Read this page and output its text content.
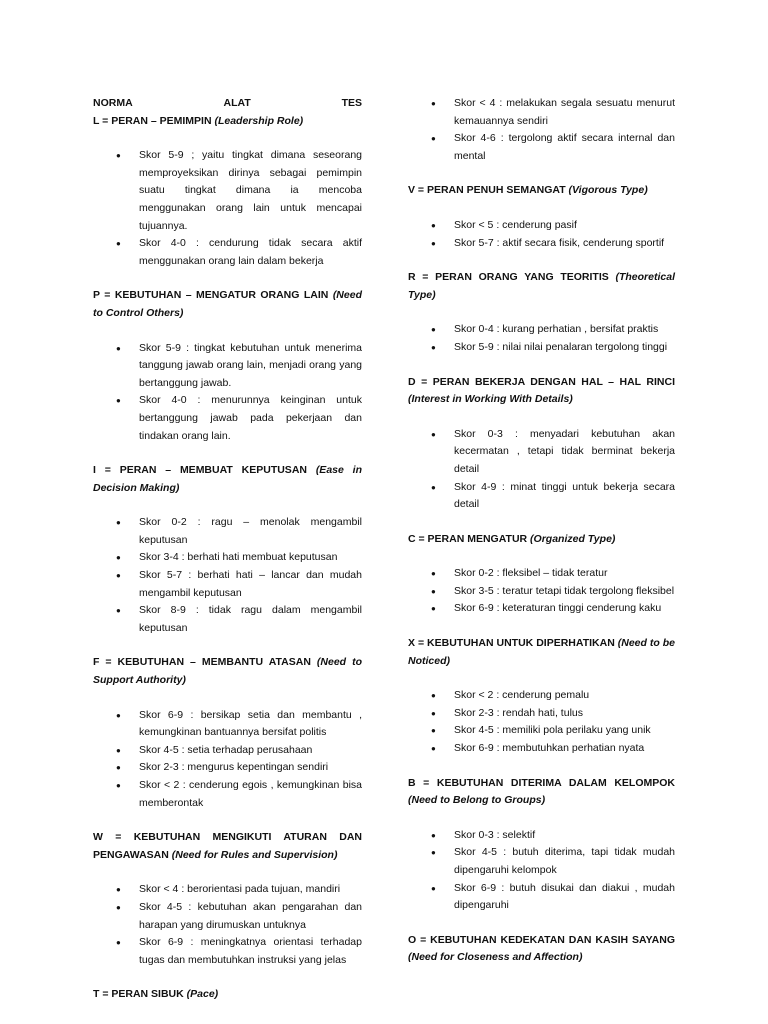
NORMA	ALAT	TES
L = PERAN – PEMIMPIN (Leadership Role)
● Skor 5-9 ; yaitu tingkat dimana seseorang memproyeksikan dirinya sebagai pemimpin suatu tingkat dimana ia mencoba menggunakan orang lain untuk mencapai tujuannya.
● Skor 4-0 : cendurung tidak secara aktif menggunakan orang lain dalam bekerja
P = KEBUTUHAN – MENGATUR ORANG LAIN (Need to Control Others)
● Skor 5-9 : tingkat kebutuhan untuk menerima tanggung jawab orang lain, menjadi orang yang bertanggung jawab.
● Skor 4-0 : menurunnya keinginan untuk bertanggung jawab pada pekerjaan dan tindakan orang lain.
I = PERAN – MEMBUAT KEPUTUSAN (Ease in Decision Making)
● Skor 0-2 : ragu – menolak mengambil keputusan
● Skor 3-4 : berhati hati membuat keputusan
● Skor 5-7 : berhati hati – lancar dan mudah mengambil keputusan
● Skor 8-9 : tidak ragu dalam mengambil keputusan
F = KEBUTUHAN – MEMBANTU ATASAN (Need to Support Authority)
● Skor 6-9 : bersikap setia dan membantu , kemungkinan bantuannya bersifat politis
● Skor 4-5 : setia terhadap perusahaan
● Skor 2-3 : mengurus kepentingan sendiri
● Skor < 2 : cenderung egois , kemungkinan bisa memberontak
W = KEBUTUHAN MENGIKUTI ATURAN DAN PENGAWASAN (Need for Rules and Supervision)
● Skor < 4 : berorientasi pada tujuan, mandiri
● Skor 4-5 : kebutuhan akan pengarahan dan harapan yang dirumuskan untuknya
● Skor 6-9 : meningkatnya orientasi terhadap tugas dan membutuhkan instruksi yang jelas
T = PERAN SIBUK (Pace)
● Skor < 4 : melakukan segala sesuatu menurut kemauannya sendiri
● Skor 4-6 : tergolong aktif secara internal dan mental
V = PERAN PENUH SEMANGAT (Vigorous Type)
● Skor < 5 : cenderung pasif
● Skor 5-7 : aktif secara fisik, cenderung sportif
R = PERAN ORANG YANG TEORITIS (Theoretical Type)
● Skor 0-4 : kurang perhatian , bersifat praktis
● Skor 5-9 : nilai nilai penalaran tergolong tinggi
D = PERAN BEKERJA DENGAN HAL – HAL RINCI (Interest in Working With Details)
● Skor 0-3 : menyadari kebutuhan akan kecermatan , tetapi tidak berminat bekerja detail
● Skor 4-9 : minat tinggi untuk bekerja secara detail
C = PERAN MENGATUR (Organized Type)
● Skor 0-2 : fleksibel – tidak teratur
● Skor 3-5 : teratur tetapi tidak tergolong fleksibel
● Skor 6-9 : keteraturan tinggi cenderung kaku
X = KEBUTUHAN UNTUK DIPERHATIKAN (Need to be Noticed)
● Skor < 2 : cenderung pemalu
● Skor 2-3 : rendah hati, tulus
● Skor 4-5 : memiliki pola perilaku yang unik
● Skor 6-9 : membutuhkan perhatian nyata
B = KEBUTUHAN DITERIMA DALAM KELOMPOK (Need to Belong to Groups)
● Skor 0-3 : selektif
● Skor 4-5 : butuh diterima, tapi tidak mudah dipengaruhi kelompok
● Skor 6-9 : butuh disukai dan diakui , mudah dipengaruhi
O = KEBUTUHAN KEDEKATAN DAN KASIH SAYANG (Need for Closeness and Affection)
